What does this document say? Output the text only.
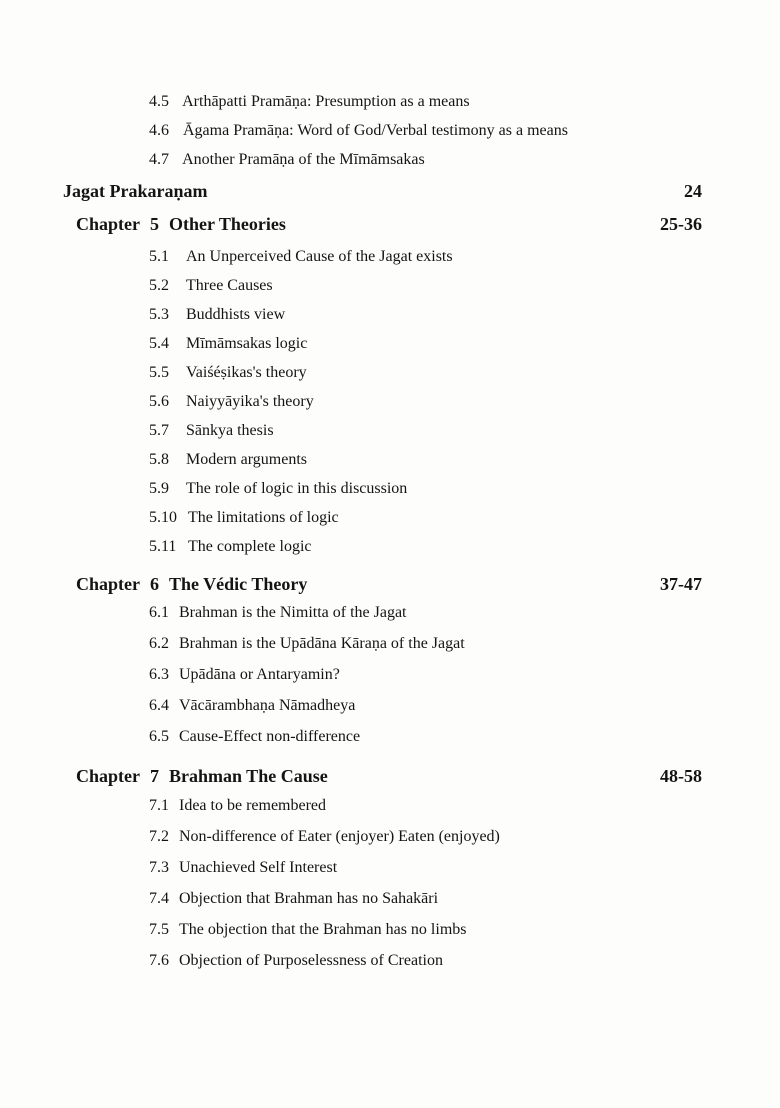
4.5 Arthāpatti Pramāṇa: Presumption as a means
4.6 Āgama Pramāṇa: Word of God/Verbal testimony as a means
4.7 Another Pramāṇa of the Mīmāmsakas
Jagat Prakaraṇam	24
Chapter 5 Other Theories	25-36
5.1 An Unperceived Cause of the Jagat exists
5.2 Three Causes
5.3 Buddhists view
5.4 Mīmāmsakas logic
5.5 Vaiśéṣikas's theory
5.6 Naiyyāyika's theory
5.7 Sānkya thesis
5.8 Modern arguments
5.9 The role of logic in this discussion
5.10 The limitations of logic
5.11 The complete logic
Chapter 6 The Védic Theory	37-47
6.1 Brahman is the Nimitta of the Jagat
6.2 Brahman is the Upādāna Kāraṇa of the Jagat
6.3 Upādāna or Antaryamin?
6.4 Vācārambhaṇa Nāmadheya
6.5 Cause-Effect non-difference
Chapter 7 Brahman The Cause	48-58
7.1 Idea to be remembered
7.2 Non-difference of Eater (enjoyer) Eaten (enjoyed)
7.3 Unachieved Self Interest
7.4 Objection that Brahman has no Sahakāri
7.5 The objection that the Brahman has no limbs
7.6 Objection of Purposelessness of Creation
